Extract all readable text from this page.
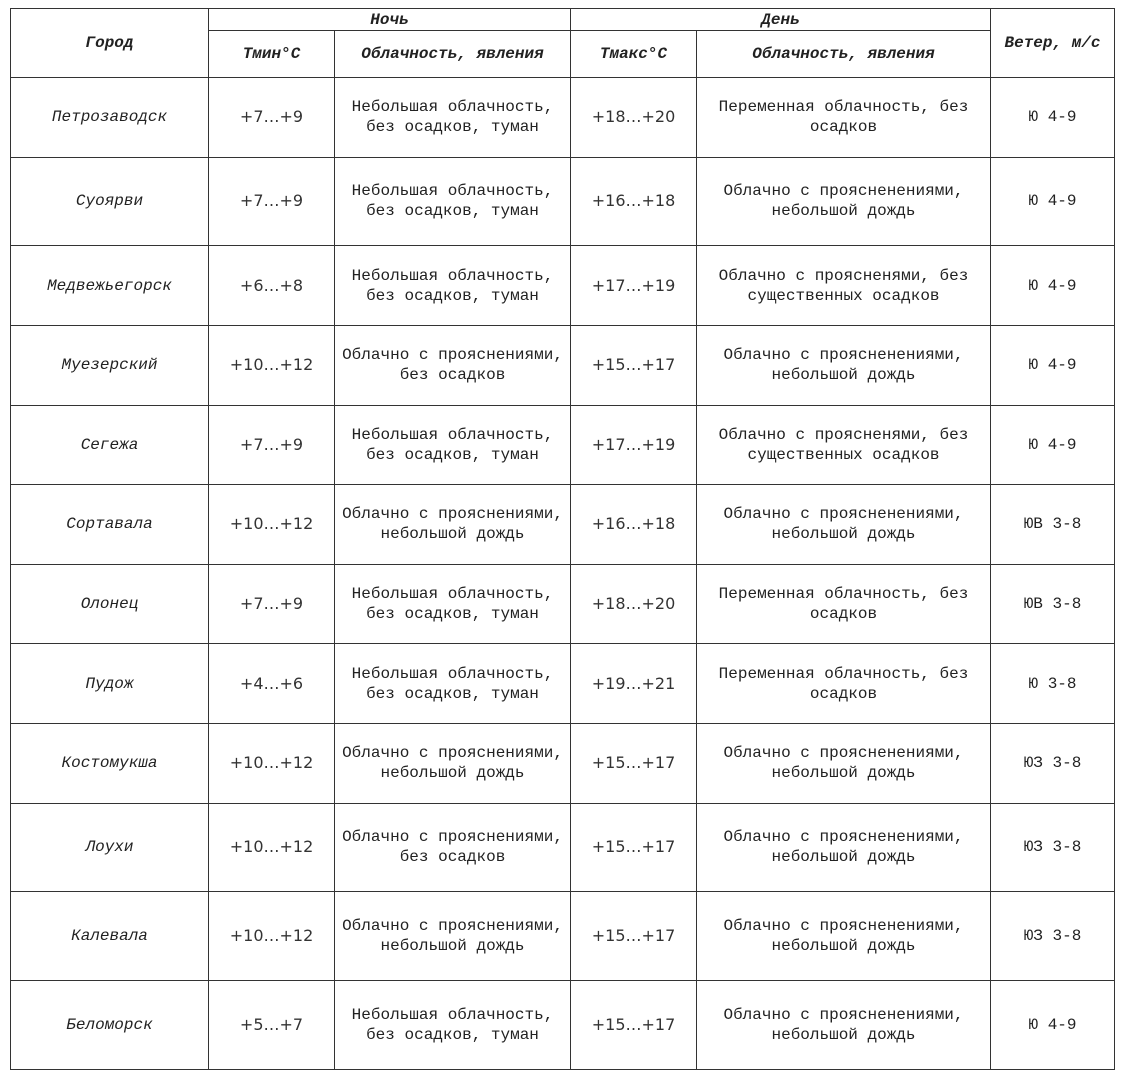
Город	Ночь		День		Ветер, м/с
	Тмин°С	Облачность, явления	Тмакс°С	Облачность, явления	
Петрозаводск	+7…+9	Небольшая облачность, без осадков, туман	+18…+20	Переменная облачность, без осадков	Ю 4-9
Суоярви	+7…+9	Небольшая облачность, без осадков, туман	+16…+18	Облачно с проясненениями, небольшой дождь	Ю 4-9
Медвежьегорск	+6…+8	Небольшая облачность, без осадков, туман	+17…+19	Облачно с проясненями, без существенных осадков	Ю 4-9
Муезерский	+10…+12	Облачно с прояснениями, без осадков	+15…+17	Облачно с проясненениями, небольшой дождь	Ю 4-9
Сегежа	+7…+9	Небольшая облачность, без осадков, туман	+17…+19	Облачно с проясненями, без существенных осадков	Ю 4-9
Сортавала	+10…+12	Облачно с прояснениями, небольшой дождь	+16…+18	Облачно с проясненениями, небольшой дождь	ЮВ 3-8
Олонец	+7…+9	Небольшая облачность, без осадков, туман	+18…+20	Переменная облачность, без осадков	ЮВ 3-8
Пудож	+4…+6	Небольшая облачность, без осадков, туман	+19…+21	Переменная облачность, без осадков	Ю 3-8
Костомукша	+10…+12	Облачно с прояснениями, небольшой дождь	+15…+17	Облачно с проясненениями, небольшой дождь	ЮЗ 3-8
Лоухи	+10…+12	Облачно с прояснениями, без осадков	+15…+17	Облачно с проясненениями, небольшой дождь	ЮЗ 3-8
Калевала	+10…+12	Облачно с прояснениями, небольшой дождь	+15…+17	Облачно с проясненениями, небольшой дождь	ЮЗ 3-8
Беломорск	+5…+7	Небольшая облачность, без осадков, туман	+15…+17	Облачно с проясненениями, небольшой дождь	Ю 4-9
